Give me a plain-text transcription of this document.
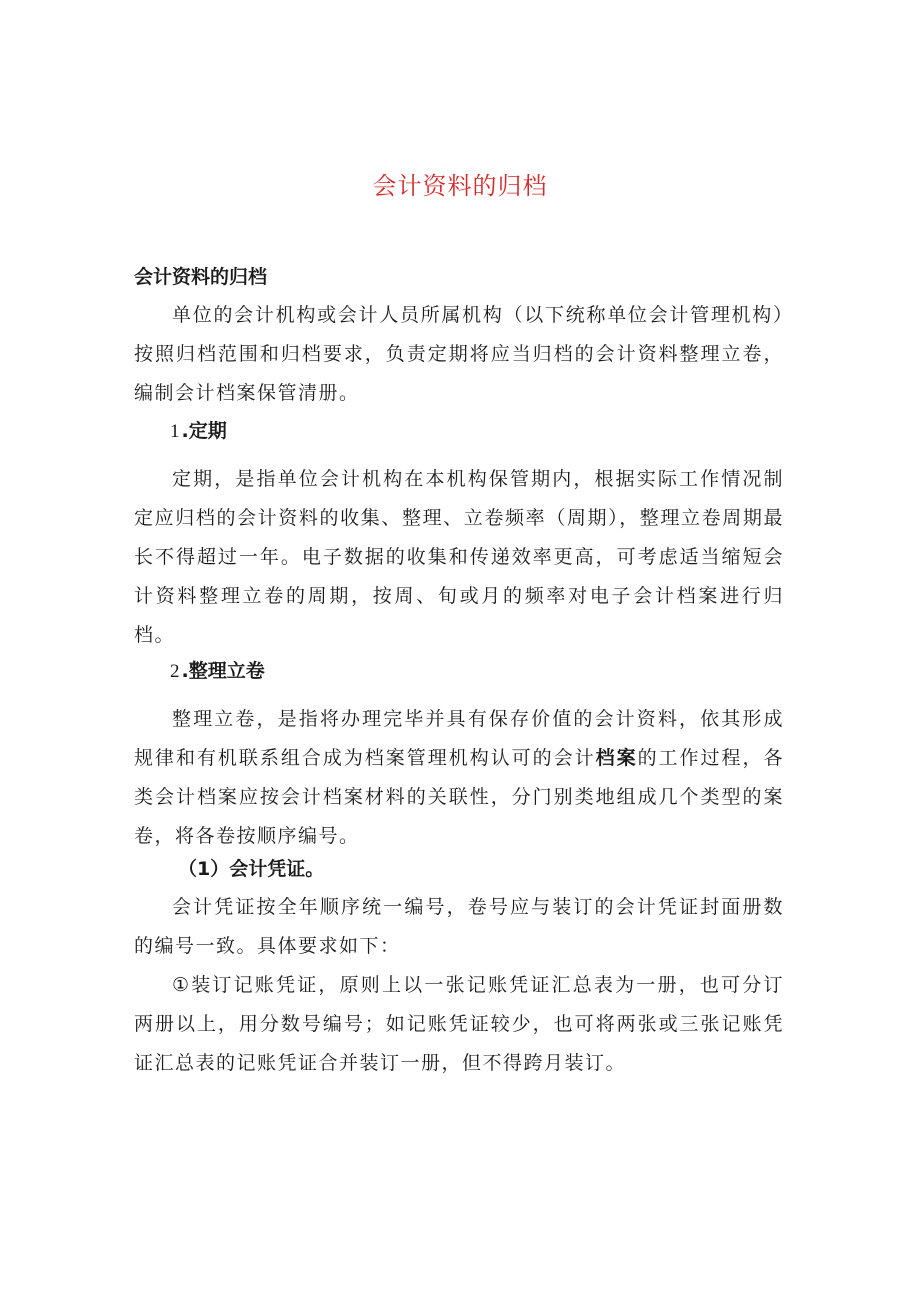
会计资料的归档
会计资料的归档

单位的会计机构或会计人员所属机构（以下统称单位会计管理机构）按照归档范围和归档要求，负责定期将应当归档的会计资料整理立卷，编制会计档案保管清册。

1 .定期

定期，是指单位会计机构在本机构保管期内，根据实际工作情况制定应归档的会计资料的收集、整理、立卷频率（周期），整理立卷周期最长不得超过一年。电子数据的收集和传递效率更高，可考虑适当缩短会计资料整理立卷的周期，按周、旬或月的频率对电子会计档案进行归档。

2 .整理立卷

整理立卷，是指将办理完毕并具有保存价值的会计资料，依其形成规律和有机联系组合成为档案管理机构认可的会计档案的工作过程，各类会计档案应按会计档案材料的关联性，分门别类地组成几个类型的案卷，将各卷按顺序编号。

（1）会计凭证。

会计凭证按全年顺序统一编号，卷号应与装订的会计凭证封面册数的编号一致。具体要求如下：

①装订记账凭证，原则上以一张记账凭证汇总表为一册，也可分订两册以上，用分数号编号；如记账凭证较少，也可将两张或三张记账凭证汇总表的记账凭证合并装订一册，但不得跨月装订。
